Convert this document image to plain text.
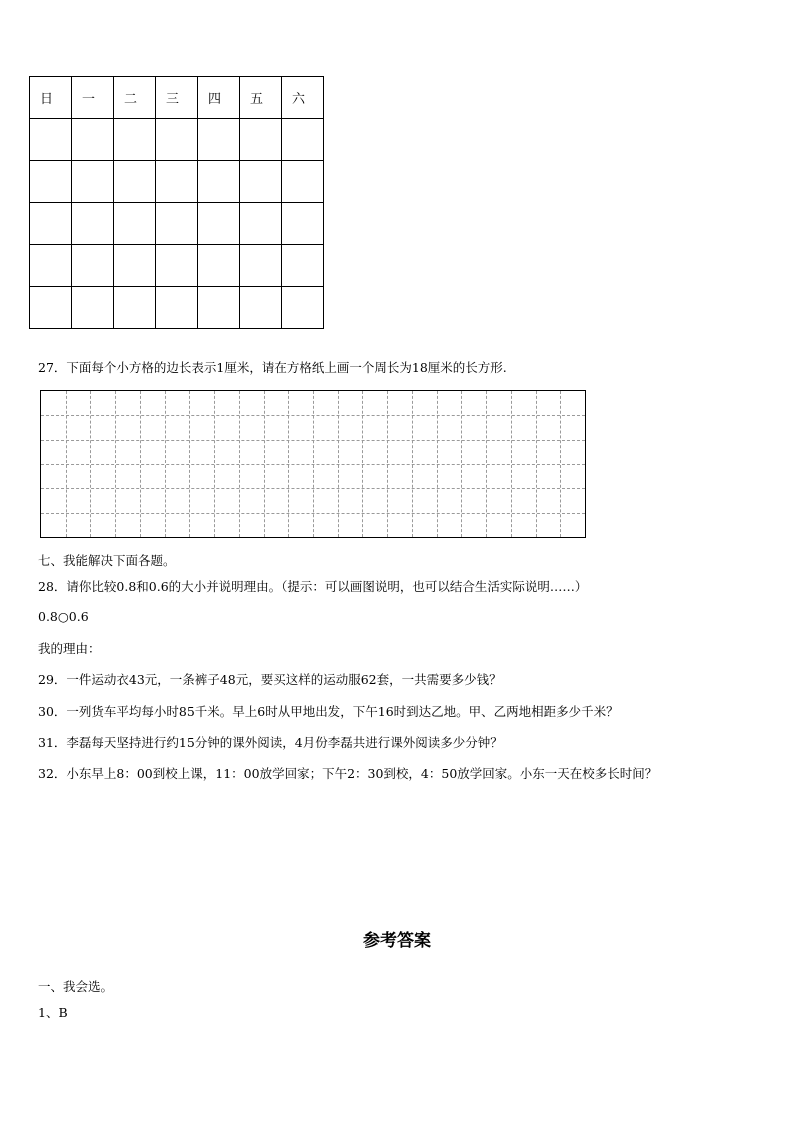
日	一	二	三	四	五	六

27．下面每个小方格的边长表示1厘米，请在方格纸上画一个周长为18厘米的长方形.
七、我能解决下面各题。
28．请你比较0.8和0.6的大小并说明理由。（提示：可以画图说明，也可以结合生活实际说明……）
0.8○0.6
我的理由：
29．一件运动衣43元，一条裤子48元，要买这样的运动服62套，一共需要多少钱？
30．一列货车平均每小时85千米。早上6时从甲地出发，下午16时到达乙地。甲、乙两地相距多少千米？
31．李磊每天坚持进行约15分钟的课外阅读，4月份李磊共进行课外阅读多少分钟？
32．小东早上8：00到校上课，11：00放学回家；下午2：30到校，4：50放学回家。小东一天在校多长时间？
参考答案
一、我会选。
1、B
